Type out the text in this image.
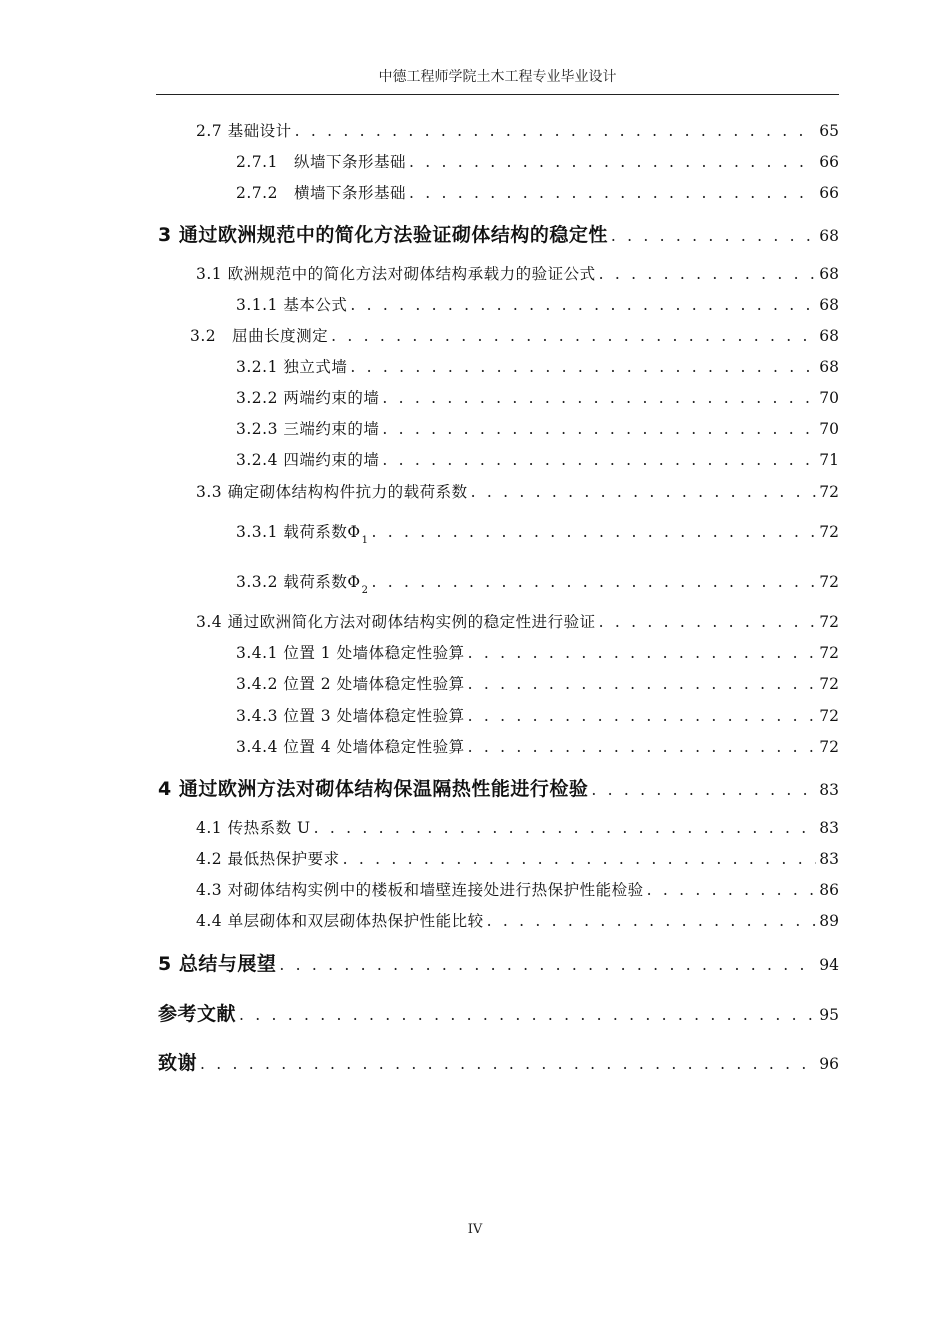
中德工程师学院土木工程专业毕业设计
2.7 基础设计 . . .	65
2.7.1　纵墙下条形基础 . . .	66
2.7.2　横墙下条形基础 . . .	66
3 通过欧洲规范中的简化方法验证砌体结构的稳定性 . . .	68
3.1 欧洲规范中的简化方法对砌体结构承载力的验证公式 . . .	68
3.1.1 基本公式 . . .	68
3.2　屈曲长度测定 . . .	68
3.2.1 独立式墙 . . .	68
3.2.2 两端约束的墙 . . .	70
3.2.3 三端约束的墙 . . .	70
3.2.4 四端约束的墙 . . .	71
3.3 确定砌体结构构件抗力的载荷系数 . . .	72
3.3.1 载荷系数$\Phi_1$ . . .	72
3.3.2 载荷系数$\Phi_2$ . . .	72
3.4 通过欧洲简化方法对砌体结构实例的稳定性进行验证 . . .	72
3.4.1 位置 1 处墙体稳定性验算 . . .	72
3.4.2 位置 2 处墙体稳定性验算 . . .	72
3.4.3 位置 3 处墙体稳定性验算 . . .	72
3.4.4 位置 4 处墙体稳定性验算 . . .	72
4 通过欧洲方法对砌体结构保温隔热性能进行检验 . . .	83
4.1 传热系数 U . . .	83
4.2 最低热保护要求 . . .	83
4.3 对砌体结构实例中的楼板和墙壁连接处进行热保护性能检验 . . .	86
4.4 单层砌体和双层砌体热保护性能比较 . . .	89
5 总结与展望 . . .	94
参考文献 . . .	95
致谢 . . .	96
IV
